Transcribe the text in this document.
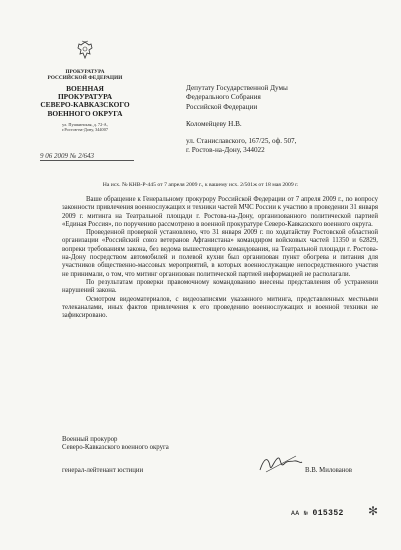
ПРОКУРАТУРА
РОССИЙСКОЙ ФЕДЕРАЦИИ
ВОЕННАЯ ПРОКУРАТУРА
СЕВЕРО-КАВКАЗСКОГО
ВОЕННОГО ОКРУГА
ул. Пушкинская, д. 72-А,
г.Ростов-на-Дону, 344007
9 06 2009 № 2/643
Депутату Государственной Думы
Федерального Собрания
Российской Федерации
Коломейцеву Н.В.
ул. Станиславского, 167/25, оф. 507,
г. Ростов-на-Дону, 344022
На исх. № КНВ-Р-445 от 7 апреля 2009 г., к вашему исх. 2/501ж от 18 мая 2009 г.

Ваше обращение к Генеральному прокурору Российской Федерации от 7 апреля 2009 г., по вопросу законности привлечения военнослужащих и техники частей МЧС России к участию в проведении 31 января 2009 г. митинга на Театральной площади г. Ростова-на-Дону, организованного политической партией «Единая Россия», по поручению рассмотрено в военной прокуратуре Северо-Кавказского военного округа.

Проведенной проверкой установлено, что 31 января 2009 г. по ходатайству Ростовской областной организации «Российский союз ветеранов Афганистана» командиром войсковых частей 11350 и 62829, вопреки требованиям закона, без ведома вышестоящего командования, на Театральной площади г. Ростова-на-Дону посредством автомобилей и полевой кухни был организован пункт обогрева и питания для участников общественно-массовых мероприятий, в которых военнослужащие непосредственного участия не принимали, о том, что митинг организован политической партией информацией не располагали.

По результатам проверки правомочному командованию внесены представления об устранении нарушений закона.

Осмотром видеоматериалов, с видеозаписями указанного митинга, представленных местными телеканалами, иных фактов привлечения к его проведению военнослужащих и военной техники не зафиксировано.

Военный прокурор
Северо-Кавказского военного округа
генерал-лейтенант юстиции	В.В. Милованов
АА № 015352 ✻
